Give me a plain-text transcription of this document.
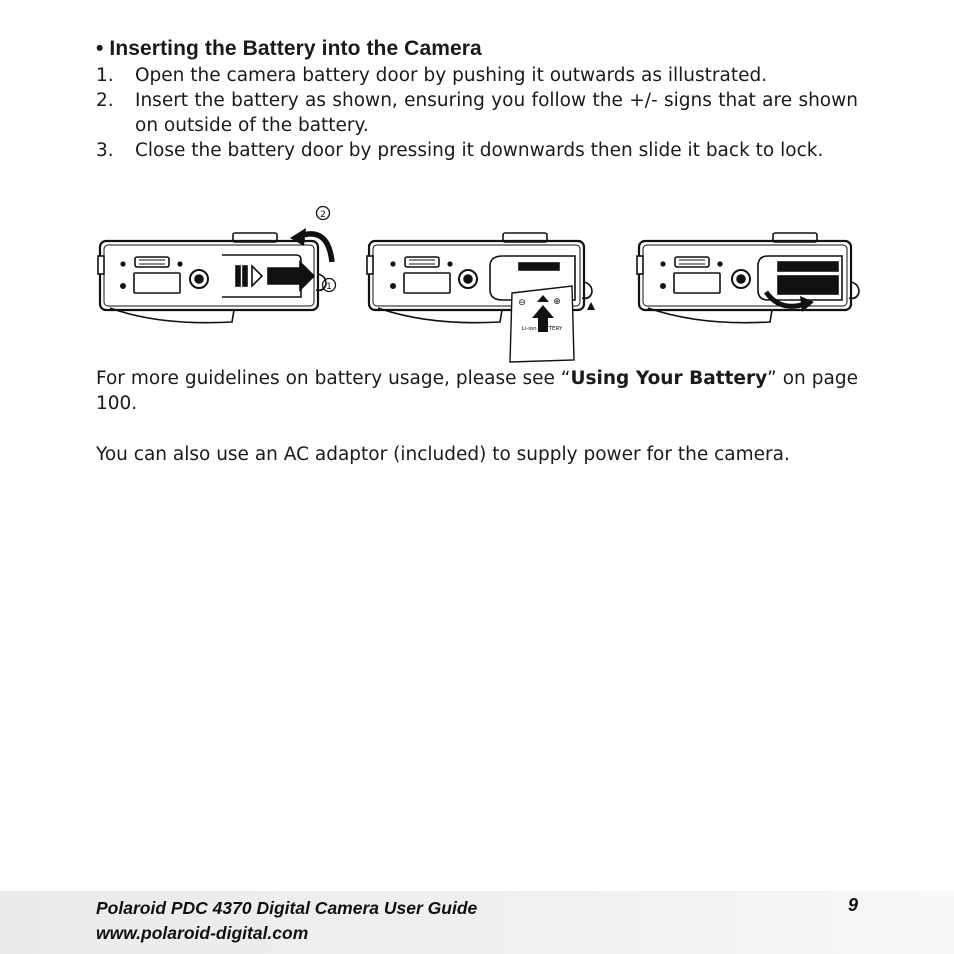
• Inserting the Battery into the Camera
1. Open the camera battery door by pushing it outwards as illustrated.
2. Insert the battery as shown, ensuring you follow the +/- signs that are shown on outside of the battery.
3. Close the battery door by pressing it downwards then slide it back to lock.
2
1
⊖	⊕
Li-ion BATTERY
For more guidelines on battery usage, please see “Using Your Battery” on page 100.
You can also use an AC adaptor (included) to supply power for the camera.
Polaroid PDC 4370 Digital Camera User Guide
www.polaroid-digital.com
9
